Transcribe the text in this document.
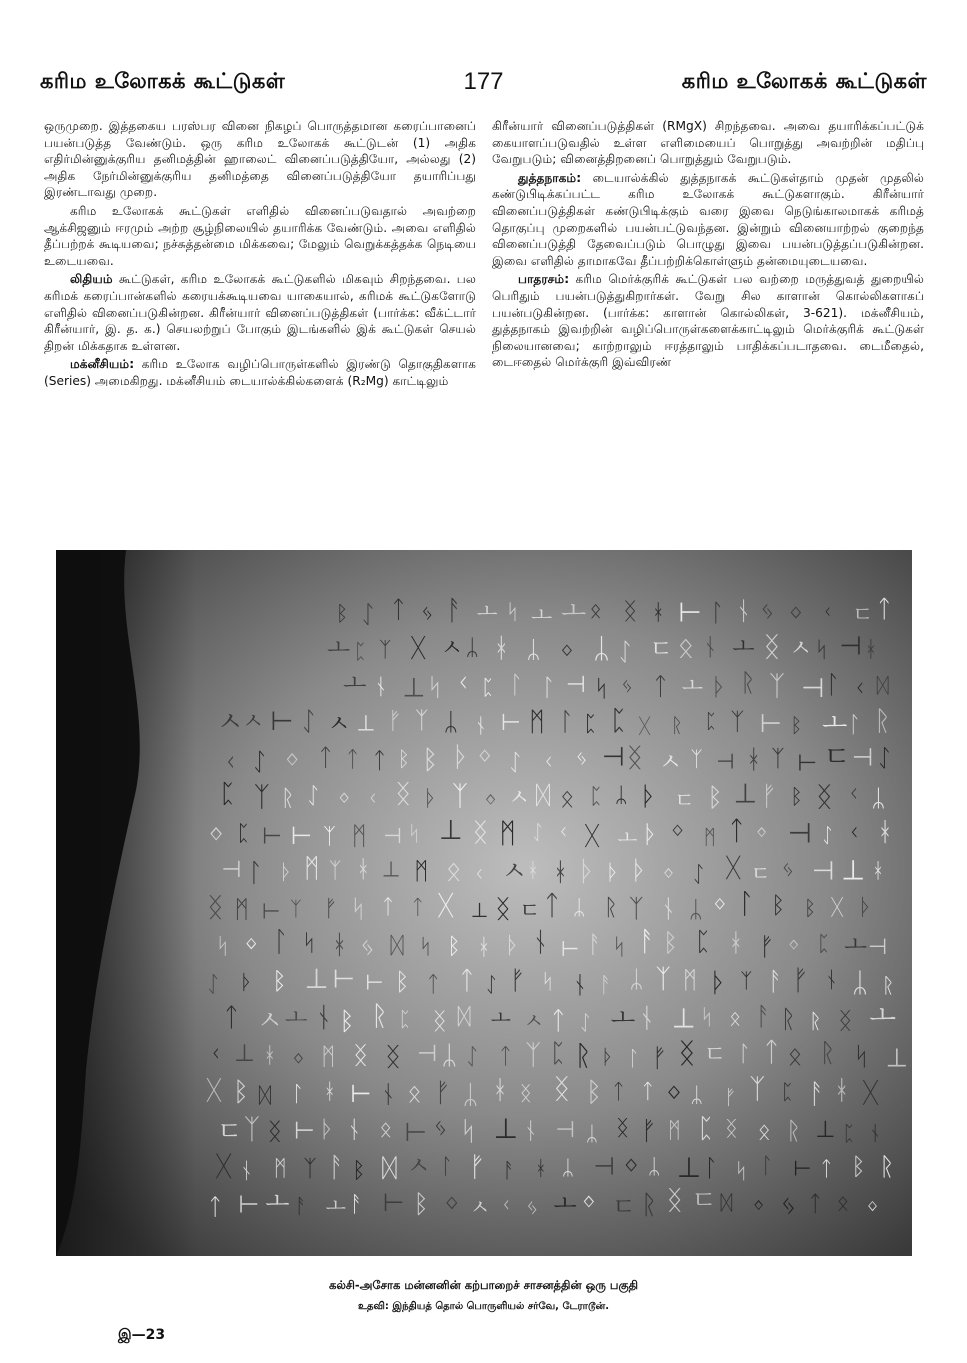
கரிம உலோகக் கூட்டுகள்	177	கரிம உலோகக் கூட்டுகள்

ஒருமுறை. இத்தகைய பரஸ்பர வினை நிகழப் பொருத்தமான கரைப்பானைப் பயன்படுத்த வேண்டும். ஒரு கரிம உலோகக் கூட்டுடன் (1) அதிக எதிர்மின்னுக்குரிய தனிமத்தின் ஹாலைட் வினைப்படுத்தியோ, அல்லது (2) அதிக நேர்மின்னுக்குரிய தனிமத்தை வினைப்படுத்தியோ தயாரிப்பது இரண்டாவது முறை.

கரிம உலோகக் கூட்டுகள் எளிதில் வினைப்படுவதால் அவற்றை ஆக்சிஜனும் ஈரமும் அற்ற சூழ்நிலையில் தயாரிக்க வேண்டும். அவை எளிதில் தீப்பற்றக் கூடியவை; நச்சுத்தன்மை மிக்கவை; மேலும் வெறுக்கத்தக்க நெடியை உடையவை.

லிதியம் கூட்டுகள், கரிம உலோகக் கூட்டுகளில் மிகவும் சிறந்தவை. பல கரிமக் கரைப்பான்களில் கரையக்கூடியவை யாகையால், கரிமக் கூட்டுகளோடு எளிதில் வினைப்படுகின்றன. கிரீன்யார் வினைப்படுத்திகள் (பார்க்க: வீக்ட்டார் கிரீன்யார், இ. த. க.) செயலற்றுப் போகும் இடங்களில் இக் கூட்டுகள் செயல் திறன் மிக்கதாக உள்ளன.

மக்னீசியம்: கரிம உலோக வழிப்பொருள்களில் இரண்டு தொகுதிகளாக (Series) அமைகிறது. மக்னீசியம் டையால்க்கில்களைக் (R₂Mg) காட்டிலும்

கிரீன்யார் வினைப்படுத்திகள் (RMgX) சிறந்தவை. அவை தயாரிக்கப்பட்டுக் கையாளப்படுவதில் உள்ள எளிமையைப் பொறுத்து அவற்றின் மதிப்பு வேறுபடும்; வினைத்திறனைப் பொறுத்தும் வேறுபடும்.

துத்தநாகம்: டையால்க்கில் துத்தநாகக் கூட்டுகள்தாம் முதன் முதலில் கண்டுபிடிக்கப்பட்ட கரிம உலோகக் கூட்டுகளாகும். கிரீன்யார் வினைப்படுத்திகள் கண்டுபிடிக்கும் வரை இவை நெடுங்காலமாகக் கரிமத் தொகுப்பு முறைகளில் பயன்பட்டுவந்தன. இன்றும் வினையாற்றல் குறைந்த வினைப்படுத்தி தேவைப்படும் பொழுது இவை பயன்படுத்தப்படுகின்றன. இவை எளிதில் தாமாகவே தீப்பற்றிக்கொள்ளும் தன்மையுடையவை.

பாதரசம்: கரிம மெர்க்குரிக் கூட்டுகள் பல வற்றை மருத்துவத் துறையில் பெரிதும் பயன்படுத்துகிறார்கள். வேறு சில காளான் கொல்லிகளாகப் பயன்படுகின்றன. (பார்க்க: காளான் கொல்லிகள், 3-621). மக்னீசியம், துத்தநாகம் இவற்றின் வழிப்பொருள்களைக்காட்டிலும் மெர்க்குரிக் கூட்டுகள் நிலையானவை; காற்றாலும் ஈரத்தாலும் பாதிக்கப்படாதவை. டைமீதைல், டைஈதைல் மெர்க்குரி இவ்விரண்

ᛒ ᛇ ᛏ ᛃ ᚨ ㅗ ᛋ ㅗ ㅗ ᛟ ᛝ ᚼ ⊢ ᛚ ᚾ ᛃ ᛜ ᚲ ㄷ ᛏ
ㅗ ᛈ ᛉ ᚷ ㅅ ᛦ ᚼ ᛦ ᛜ ᛦ ᛇ ㄷ ᛟ ᚾ ㅗ ᛝ ㅅ ᛋ ⊣ ᚼ
ㅗ ᚾ ⊥ ᛋ ᚲ ᛈ ᛚ ᛚ ⊣ ᛋ ᛃ ᛏ ㅗ ᚦ ᚱ ᛉ ⊣ ᛚ ᚲ ᛞ
ㅅ
ㅅ ⊢ ᛇ ㅅ ⊥ ᚠ ᛉ ᛦ ᚾ ⊢ ᛗ ᛚ ᛈ ᛈ ᚷ ᚱ ᛈ ᛉ ⊢ ᛒ ㅗ ᛚ ᚱ
ᚲ ᛇ ᛜ ᛏ ᛏ ᛏ ᛒ ᛒ ᚦ ᛜ ᛇ ᚲ ᛃ ⊣ ᛝ ㅅ ᛉ ⊣ ᚼ ᛉ ⊢ ㄷ ⊣ ᛇ
ᛈ ᛉ ᚱ ᛇ ᛜ ᚲ ᛝ ᚦ ᛉ ᛜ ㅅ ᛞ ᛟ ᛈ ᛦ ᚦ ㄷ ᛒ ⊥ ᚠ ᛒ ᛝ ᚲ ᛦ
ᛜ ᛈ ⊢ ⊢ ᛉ ᛗ ⊣ ᛋ ⊥ ᛝ ᛗ ᛇ ᚲ ᚷ ㅗ ᚦ ᛜ ᛗ ᛏ ᛜ ⊣ ᛇ ᚲ ᚼ
⊣ ᛚ ᚦ ᛗ ᛉ ᚼ ⊥ ᛗ ᛟ ᚲ ㅅ ᚼ ᚼ ᚦ ᚦ ᚦ ᛜ ᛇ ᚷ ㄷ ᛃ ⊣ ⊥ ᚼ
ᛝ ᛗ ⊢ ᛉ ᚠ ᛋ ᛏ ᛏ ᚷ ⊥ ᛝ ㄷ ᛏ ᛦ ᚱ ᛉ ᚾ ᛦ ᛜ ᛚ ᛒ ᛒ ᚷ ᚦ
ᛋ ᛜ ᛚ ᛋ ᚼ ᛃ ᛞ ᛋ ᛒ ᚼ ᚦ ᚾ ⊢ ᚨ ᛋ ᚨ ᛒ ᛈ ᚼ ᚠ ᛜ ᛈ ㅗ ⊣
ᛇ ᚦ ᛒ ⊥ ⊢ ⊢ ᛒ ᛏ ᛏ ᛇ ᚠ ᛋ ᚾ ᚨ ᛦ ᛉ ᛗ ᚦ ᛉ ᚨ ᚠ ᚾ ᛦ ᚱ
ᛏ ㅅ ㅗ ᚾ ᛒ ᚱ ᛈ ᛝ ᛞ ㅗ ㅅ ᛏ ᛇ ㅗ ᚾ ⊥ ᛋ ᛟ ᚨ ᚱ ᚱ ᛝ ㅗ
ᚲ ⊥ ᚼ ᛜ ᛗ ᛝ ᛝ ⊣ ᛦ ᛇ ᛏ ᛉ ᛈ ᚱ ᚦ ᛚ ᚠ ᛝ ㄷ ᛚ ᛏ ᛟ ᚱ ᛋ ⊥
ᚷ ᛒ ᛞ ᛚ ᚼ ⊢ ᚾ ᛟ ᚠ ᛦ ᚼ ᛝ ᛝ ᛒ ᛏ ᛏ ᛜ ᛦ ᚠ ᛉ ᛈ ᚨ ᚼ ᚷ
ㄷ ᛉ ᛝ ⊢ ᚦ ᚾ ᛟ ⊢ ᛃ ᛋ ⊥ ᚾ ⊣ ᛦ ᛝ ᚠ ᛗ ᛈ ᛝ ᛟ ᚱ ⊥ ᛈ ᚾ
ᚷ ᚾ ᛗ ᛉ ᚨ ᛒ ᛞ ㅅ ᛚ ᚠ ᚨ ᚼ ᛦ ⊣ ᛜ ᛦ ⊥ ᛚ ᛋ ᛚ ⊢ ᛏ ᛒ ᚱ
ᛏ ⊢ ㅗ ᚨ ㅗ ᚨ ⊢ ᛒ ᛜ ㅅ ᚲ ᛃ ㅗ ᛜ ㄷ ᚱ ᛝ ㄷ ᛞ ᛜ ᛃ ᛏ ᛟ ᛜ
கல்சி-அசோக மன்னனின் கற்பாறைச் சாசனத்தின் ஒரு பகுதி
உதவி: இந்தியத் தொல் பொருளியல் சர்வே, டேராடூன்.
இ—23
